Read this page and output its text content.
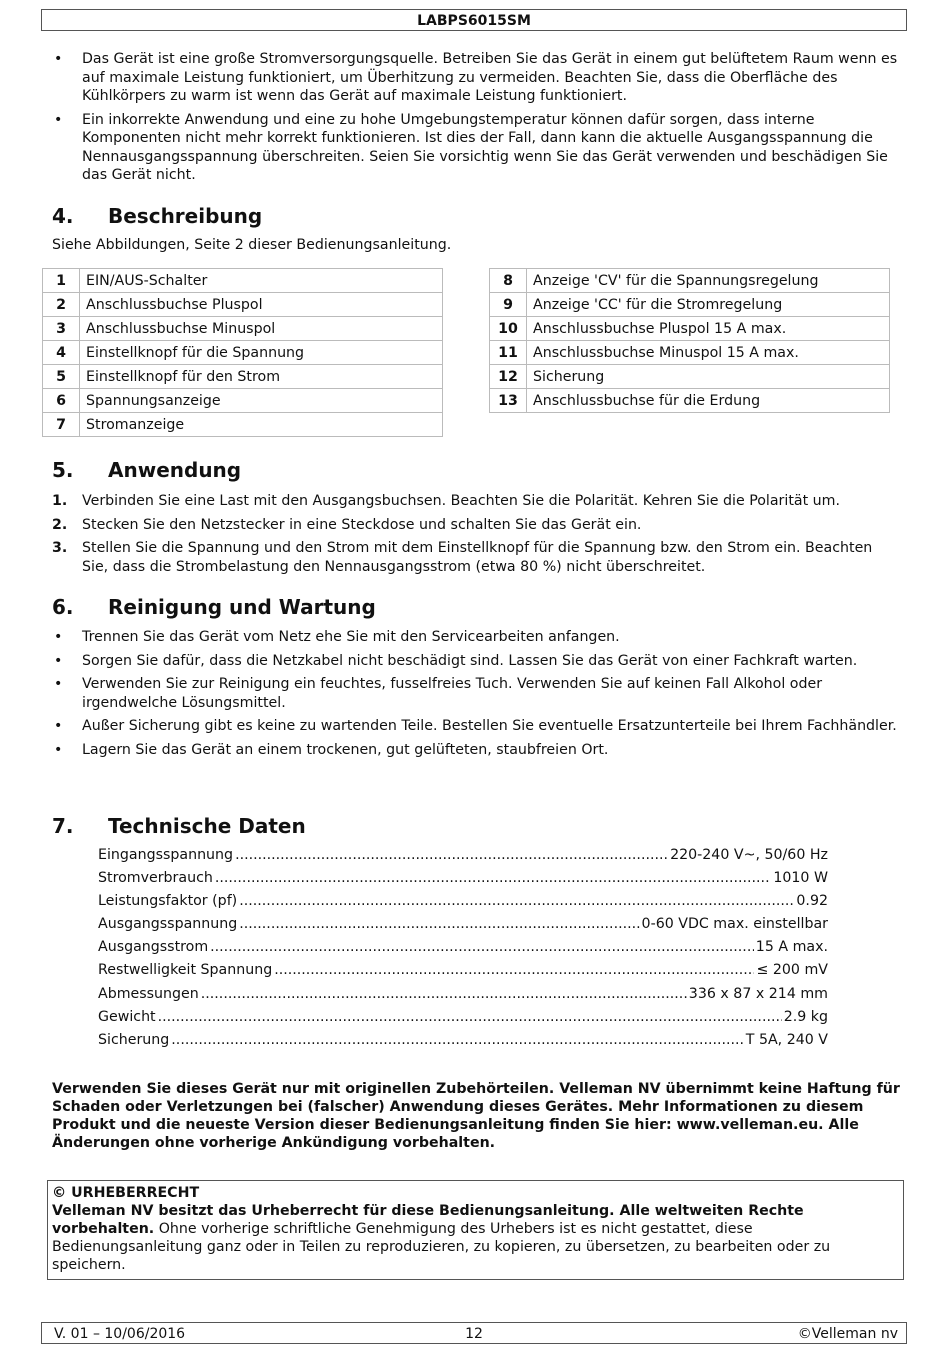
LABPS6015SM
• Das Gerät ist eine große Stromversorgungsquelle. Betreiben Sie das Gerät in einem gut belüftetem Raum wenn es auf maximale Leistung funktioniert, um Überhitzung zu vermeiden. Beachten Sie, dass die Oberfläche des Kühlkörpers zu warm ist wenn das Gerät auf maximale Leistung funktioniert.
• Ein inkorrekte Anwendung und eine zu hohe Umgebungstemperatur können dafür sorgen, dass interne Komponenten nicht mehr korrekt funktionieren. Ist dies der Fall, dann kann die aktuelle Ausgangsspannung die Nennausgangsspannung überschreiten. Seien Sie vorsichtig wenn Sie das Gerät verwenden und beschädigen Sie das Gerät nicht.
4. Beschreibung
Siehe Abbildungen, Seite 2 dieser Bedienungsanleitung.
1	EIN/AUS-Schalter
2	Anschlussbuchse Pluspol
3	Anschlussbuchse Minuspol
4	Einstellknopf für die Spannung
5	Einstellknopf für den Strom
6	Spannungsanzeige
7	Stromanzeige
8	Anzeige 'CV' für die Spannungsregelung
9	Anzeige 'CC' für die Stromregelung
10	Anschlussbuchse Pluspol 15 A max.
11	Anschlussbuchse Minuspol 15 A max.
12	Sicherung
13	Anschlussbuchse für die Erdung
5. Anwendung
1. Verbinden Sie eine Last mit den Ausgangsbuchsen. Beachten Sie die Polarität. Kehren Sie die Polarität um.
2. Stecken Sie den Netzstecker in eine Steckdose und schalten Sie das Gerät ein.
3. Stellen Sie die Spannung und den Strom mit dem Einstellknopf für die Spannung bzw. den Strom ein. Beachten Sie, dass die Strombelastung den Nennausgangsstrom (etwa 80 %) nicht überschreitet.
6. Reinigung und Wartung
• Trennen Sie das Gerät vom Netz ehe Sie mit den Servicearbeiten anfangen.
• Sorgen Sie dafür, dass die Netzkabel nicht beschädigt sind. Lassen Sie das Gerät von einer Fachkraft warten.
• Verwenden Sie zur Reinigung ein feuchtes, fusselfreies Tuch. Verwenden Sie auf keinen Fall Alkohol oder irgendwelche Lösungsmittel.
• Außer Sicherung gibt es keine zu wartenden Teile. Bestellen Sie eventuelle Ersatzunterteile bei Ihrem Fachhändler.
• Lagern Sie das Gerät an einem trockenen, gut gelüfteten, staubfreien Ort.
7. Technische Daten
Eingangsspannung .....	220-240 V~, 50/60 Hz
Stromverbrauch .....	1010 W
Leistungsfaktor (pf) .....	0.92
Ausgangsspannung .....	0-60 VDC max. einstellbar
Ausgangsstrom .....	15 A max.
Restwelligkeit Spannung .....	≤ 200 mV
Abmessungen .....	336 x 87 x 214 mm
Gewicht .....	2.9 kg
Sicherung .....	T 5A, 240 V
Verwenden Sie dieses Gerät nur mit originellen Zubehörteilen. Velleman NV übernimmt keine Haftung für Schaden oder Verletzungen bei (falscher) Anwendung dieses Gerätes. Mehr Informationen zu diesem Produkt und die neueste Version dieser Bedienungsanleitung finden Sie hier: www.velleman.eu. Alle Änderungen ohne vorherige Ankündigung vorbehalten.
© URHEBERRECHT
Velleman NV besitzt das Urheberrecht für diese Bedienungsanleitung. Alle weltweiten Rechte vorbehalten. Ohne vorherige schriftliche Genehmigung des Urhebers ist es nicht gestattet, diese Bedienungsanleitung ganz oder in Teilen zu reproduzieren, zu kopieren, zu übersetzen, zu bearbeiten oder zu speichern.
V. 01 – 10/06/2016	12	©Velleman nv
